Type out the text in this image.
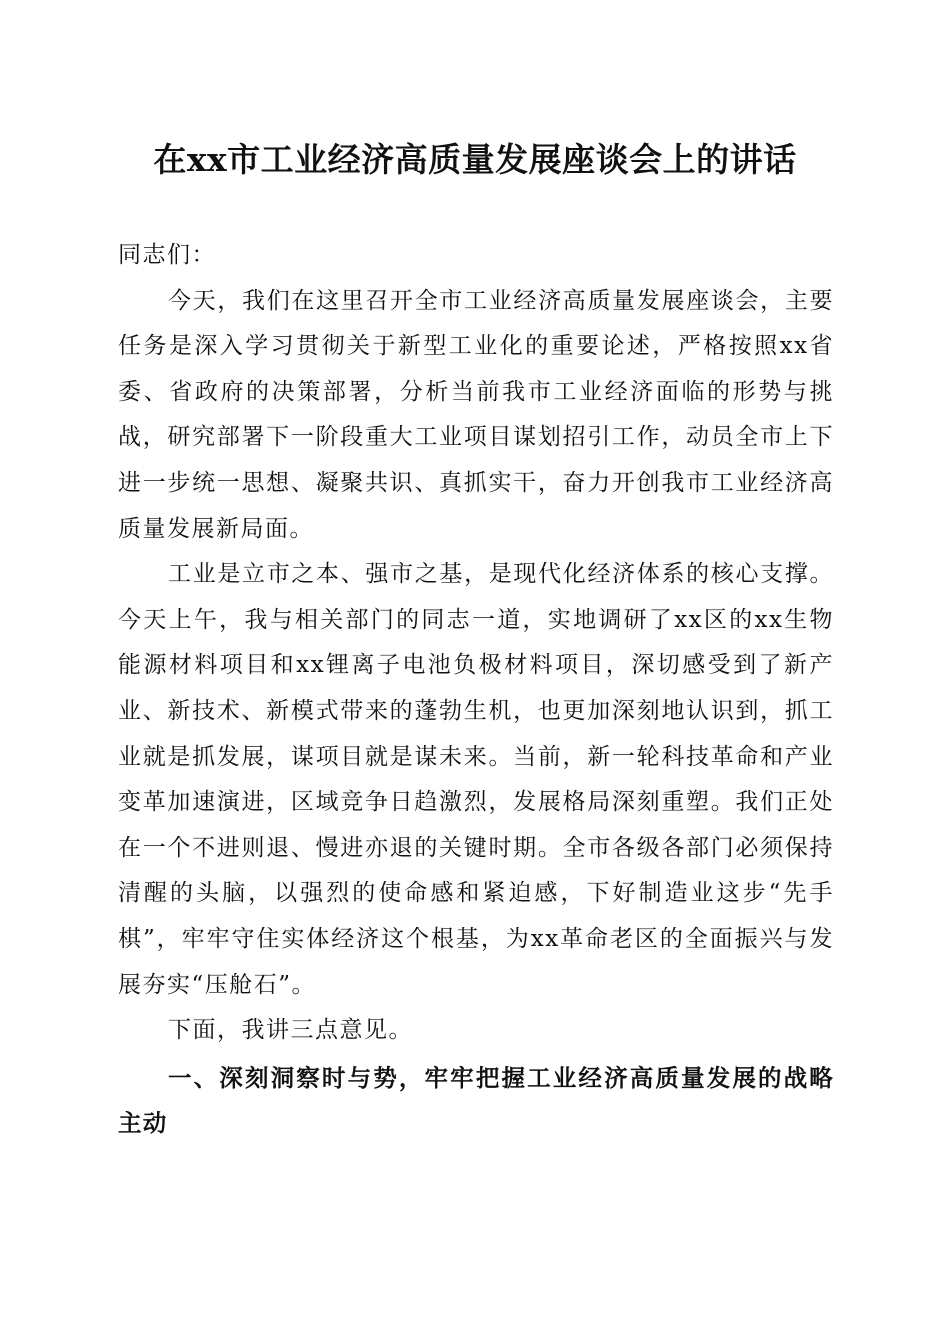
在xx市工业经济高质量发展座谈会上的讲话

同志们：

今天，我们在这里召开全市工业经济高质量发展座谈会，主要任务是深入学习贯彻关于新型工业化的重要论述，严格按照xx省委、省政府的决策部署，分析当前我市工业经济面临的形势与挑战，研究部署下一阶段重大工业项目谋划招引工作，动员全市上下进一步统一思想、凝聚共识、真抓实干，奋力开创我市工业经济高质量发展新局面。

工业是立市之本、强市之基，是现代化经济体系的核心支撑。今天上午，我与相关部门的同志一道，实地调研了xx区的xx生物能源材料项目和xx锂离子电池负极材料项目，深切感受到了新产业、新技术、新模式带来的蓬勃生机，也更加深刻地认识到，抓工业就是抓发展，谋项目就是谋未来。当前，新一轮科技革命和产业变革加速演进，区域竞争日趋激烈，发展格局深刻重塑。我们正处在一个不进则退、慢进亦退的关键时期。全市各级各部门必须保持清醒的头脑，以强烈的使命感和紧迫感，下好制造业这步“先手棋”，牢牢守住实体经济这个根基，为xx革命老区的全面振兴与发展夯实“压舱石”。

下面，我讲三点意见。

一、深刻洞察时与势，牢牢把握工业经济高质量发展的战略主动
